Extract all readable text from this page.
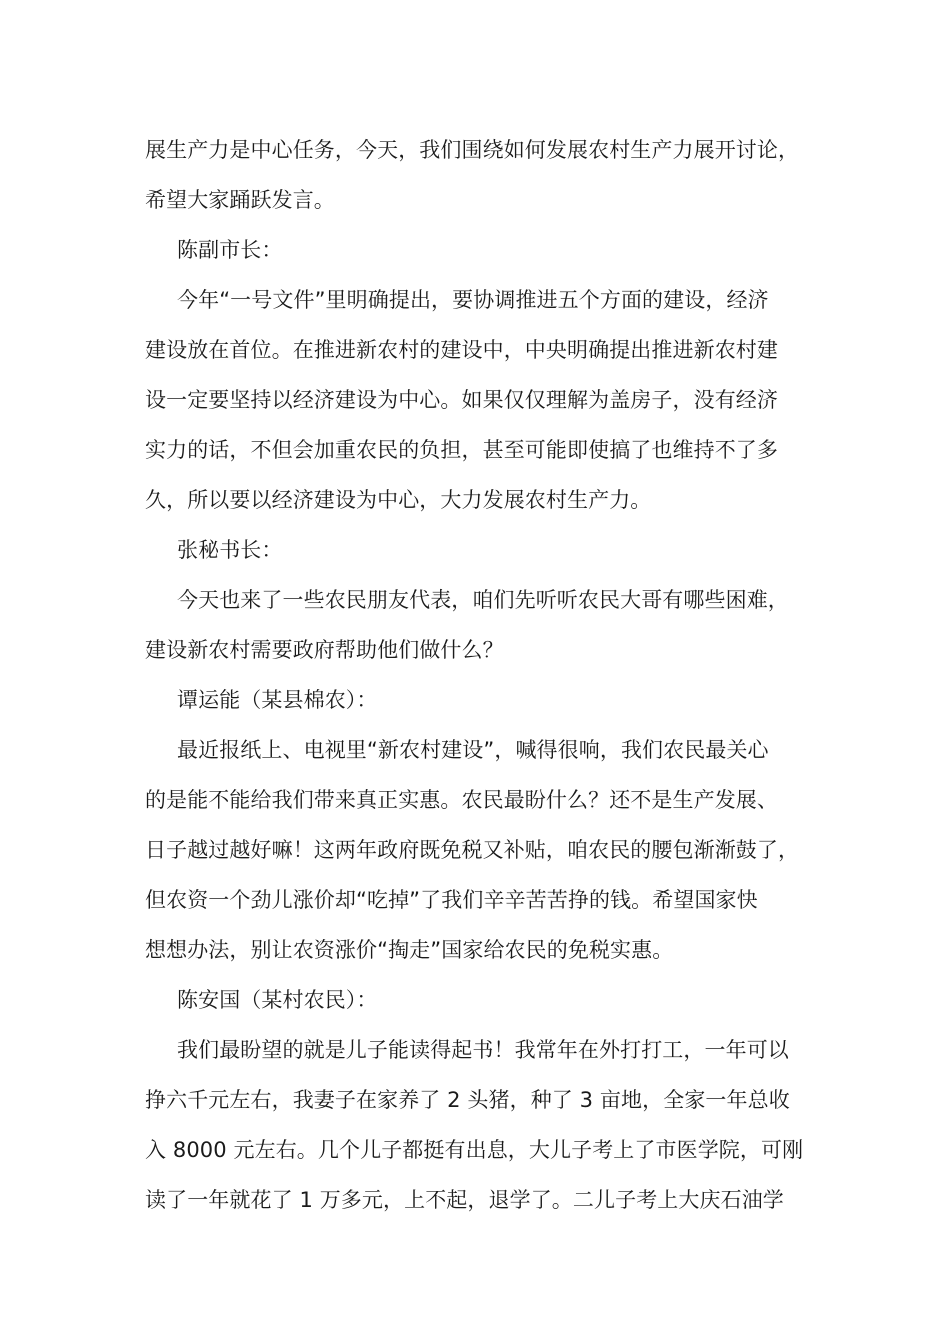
展生产力是中心任务，今天，我们围绕如何发展农村生产力展开讨论，
希望大家踊跃发言。
陈副市长：
今年“一号文件”里明确提出，要协调推进五个方面的建设，经济
建设放在首位。在推进新农村的建设中，中央明确提出推进新农村建
设一定要坚持以经济建设为中心。如果仅仅理解为盖房子，没有经济
实力的话，不但会加重农民的负担，甚至可能即使搞了也维持不了多
久，所以要以经济建设为中心，大力发展农村生产力。
张秘书长：
今天也来了一些农民朋友代表，咱们先听听农民大哥有哪些困难，
建设新农村需要政府帮助他们做什么？
谭运能（某县棉农）：
最近报纸上、电视里“新农村建设”，喊得很响，我们农民最关心
的是能不能给我们带来真正实惠。农民最盼什么？还不是生产发展、
日子越过越好嘛！这两年政府既免税又补贴，咱农民的腰包渐渐鼓了，
但农资一个劲儿涨价却“吃掉”了我们辛辛苦苦挣的钱。希望国家快
想想办法，别让农资涨价“掏走”国家给农民的免税实惠。
陈安国（某村农民）：
我们最盼望的就是儿子能读得起书！我常年在外打打工，一年可以
挣六千元左右，我妻子在家养了 2 头猪，种了 3 亩地，全家一年总收
入 8000 元左右。几个儿子都挺有出息，大儿子考上了市医学院，可刚
读了一年就花了 1 万多元，上不起，退学了。二儿子考上大庆石油学
